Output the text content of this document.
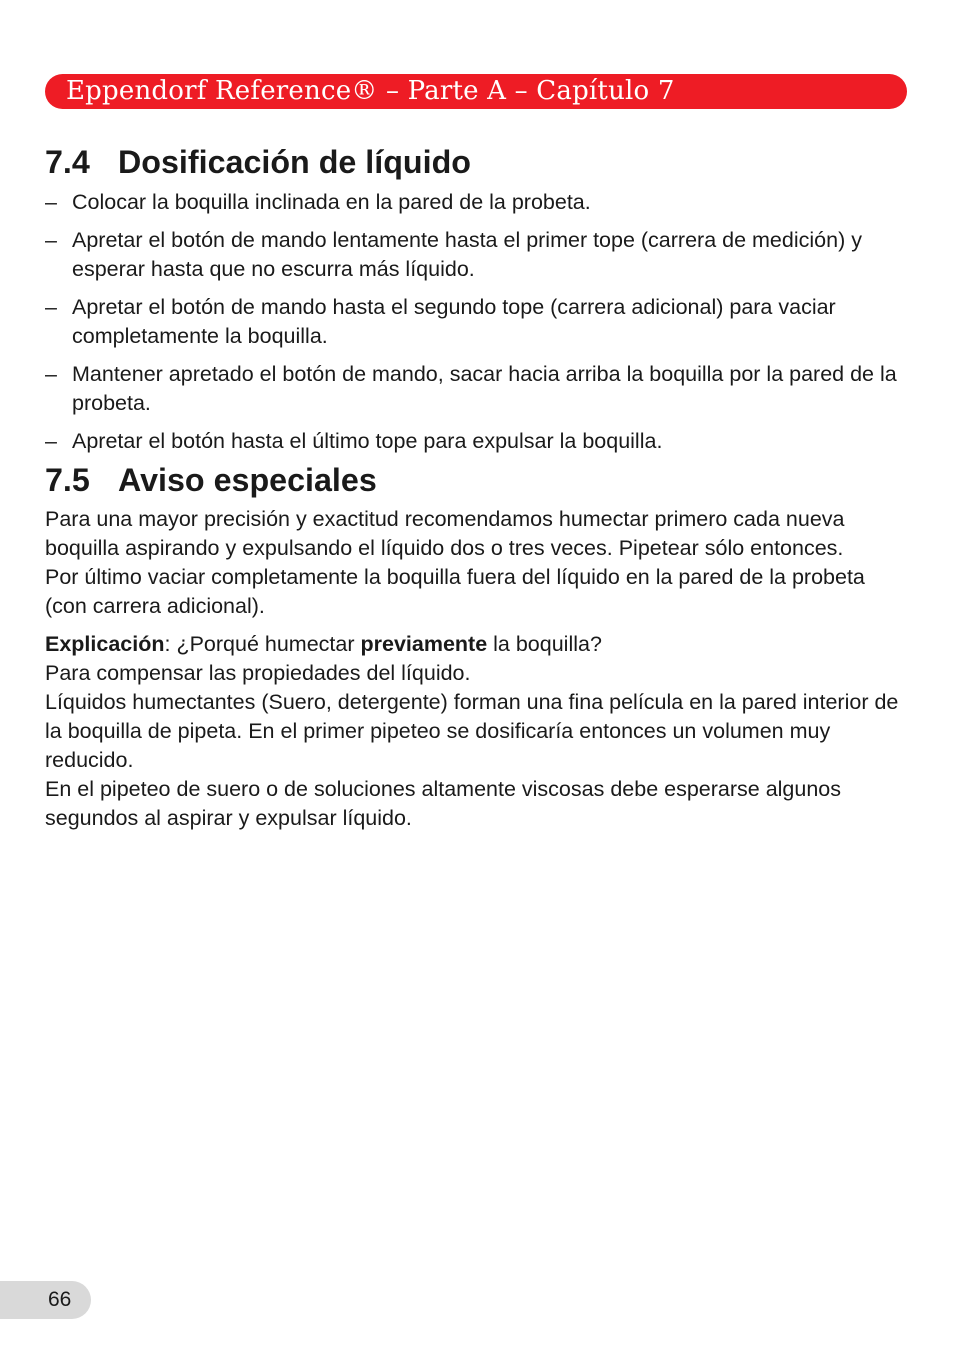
Eppendorf Reference® – Parte A – Capítulo 7
7.4 Dosificación de líquido
– Colocar la boquilla inclinada en la pared de la probeta.
– Apretar el botón de mando lentamente hasta el primer tope (carrera de medición) y esperar hasta que no escurra más líquido.
– Apretar el botón de mando hasta el segundo tope (carrera adicional) para vaciar completamente la boquilla.
– Mantener apretado el botón de mando, sacar hacia arriba la boquilla por la pared de la probeta.
– Apretar el botón hasta el último tope para expulsar la boquilla.
7.5 Aviso especiales

Para una mayor precisión y exactitud recomendamos humectar primero cada nueva boquilla aspirando y expulsando el líquido dos o tres veces. Pipetear sólo entonces.

Por último vaciar completamente la boquilla fuera del líquido en la pared de la probeta (con carrera adicional).

Explicación: ¿Porqué humectar previamente la boquilla?

Para compensar las propiedades del líquido.

Líquidos humectantes (Suero, detergente) forman una fina película en la pared interior de la boquilla de pipeta. En el primer pipeteo se dosificaría entonces un volumen muy reducido.

En el pipeteo de suero o de soluciones altamente viscosas debe esperarse algunos segundos al aspirar y expulsar líquido.

66
